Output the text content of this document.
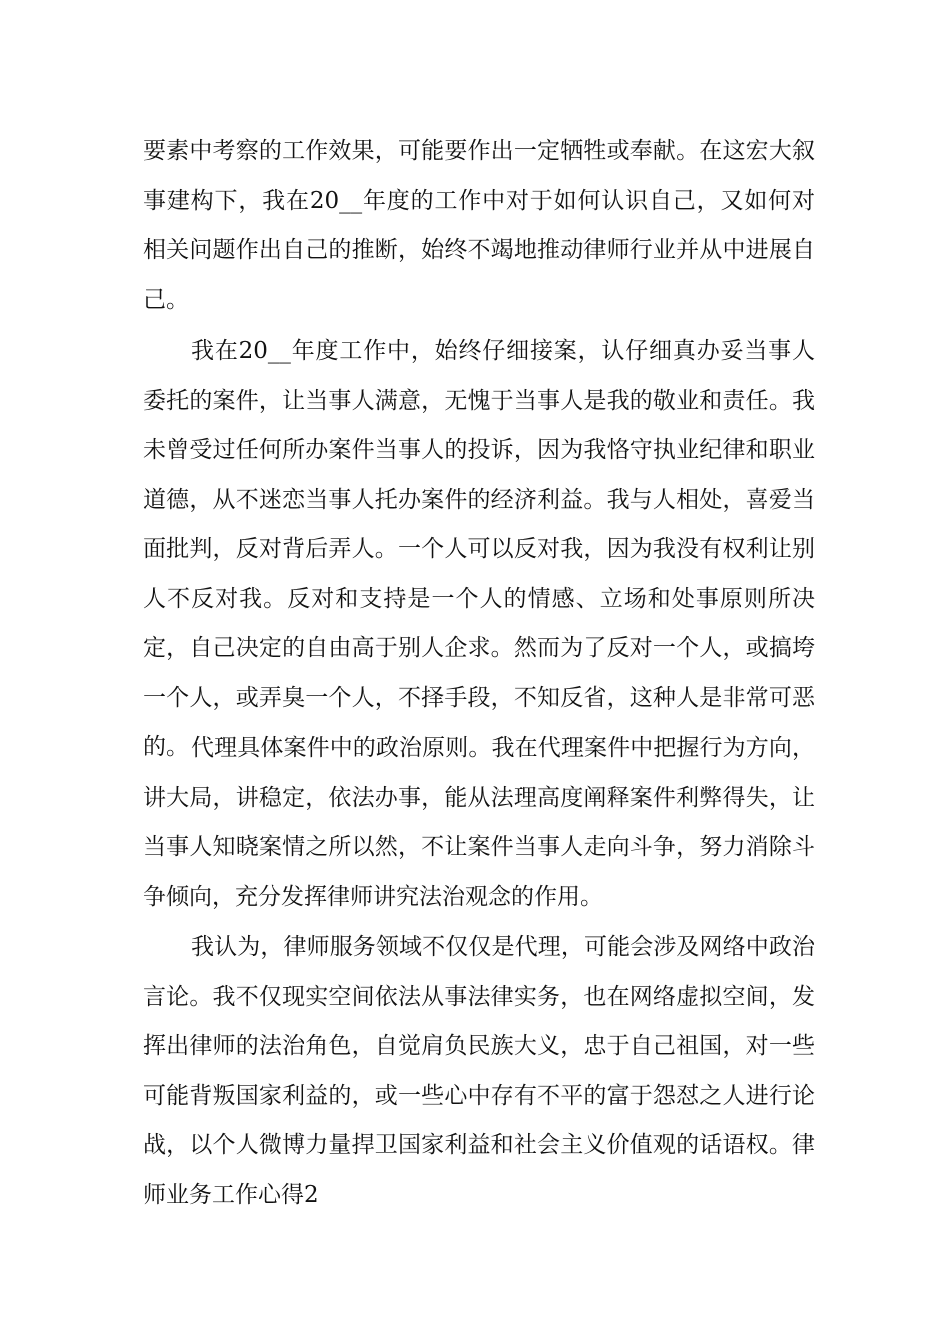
要素中考察的工作效果，可能要作出一定牺牲或奉献。在这宏大叙事建构下，我在20__年度的工作中对于如何认识自己，又如何对相关问题作出自己的推断，始终不竭地推动律师行业并从中进展自己。

我在20__年度工作中，始终仔细接案，认仔细真办妥当事人委托的案件，让当事人满意，无愧于当事人是我的敬业和责任。我未曾受过任何所办案件当事人的投诉，因为我恪守执业纪律和职业道德，从不迷恋当事人托办案件的经济利益。我与人相处，喜爱当面批判，反对背后弄人。一个人可以反对我，因为我没有权利让别人不反对我。反对和支持是一个人的情感、立场和处事原则所决定，自己决定的自由高于别人企求。然而为了反对一个人，或搞垮一个人，或弄臭一个人，不择手段，不知反省，这种人是非常可恶的。 代理具体案件中的政治原则。我在代理案件中把握行为方向，讲大局，讲稳定，依法办事，能从法理高度阐释案件利弊得失，让当事人知晓案情之所以然，不让案件当事人走向斗争，努力消除斗争倾向，充分发挥律师讲究法治观念的作用。

我认为，律师服务领域不仅仅是代理，可能会涉及网络中政治言论。我不仅现实空间依法从事法律实务，也在网络虚拟空间，发挥出律师的法治角色，自觉肩负民族大义，忠于自己祖国，对一些可能背叛国家利益的，或一些心中存有不平的富于怨怼之人进行论战，以个人微博力量捍卫国家利益和社会主义价值观的话语权。律师业务工作心得2
